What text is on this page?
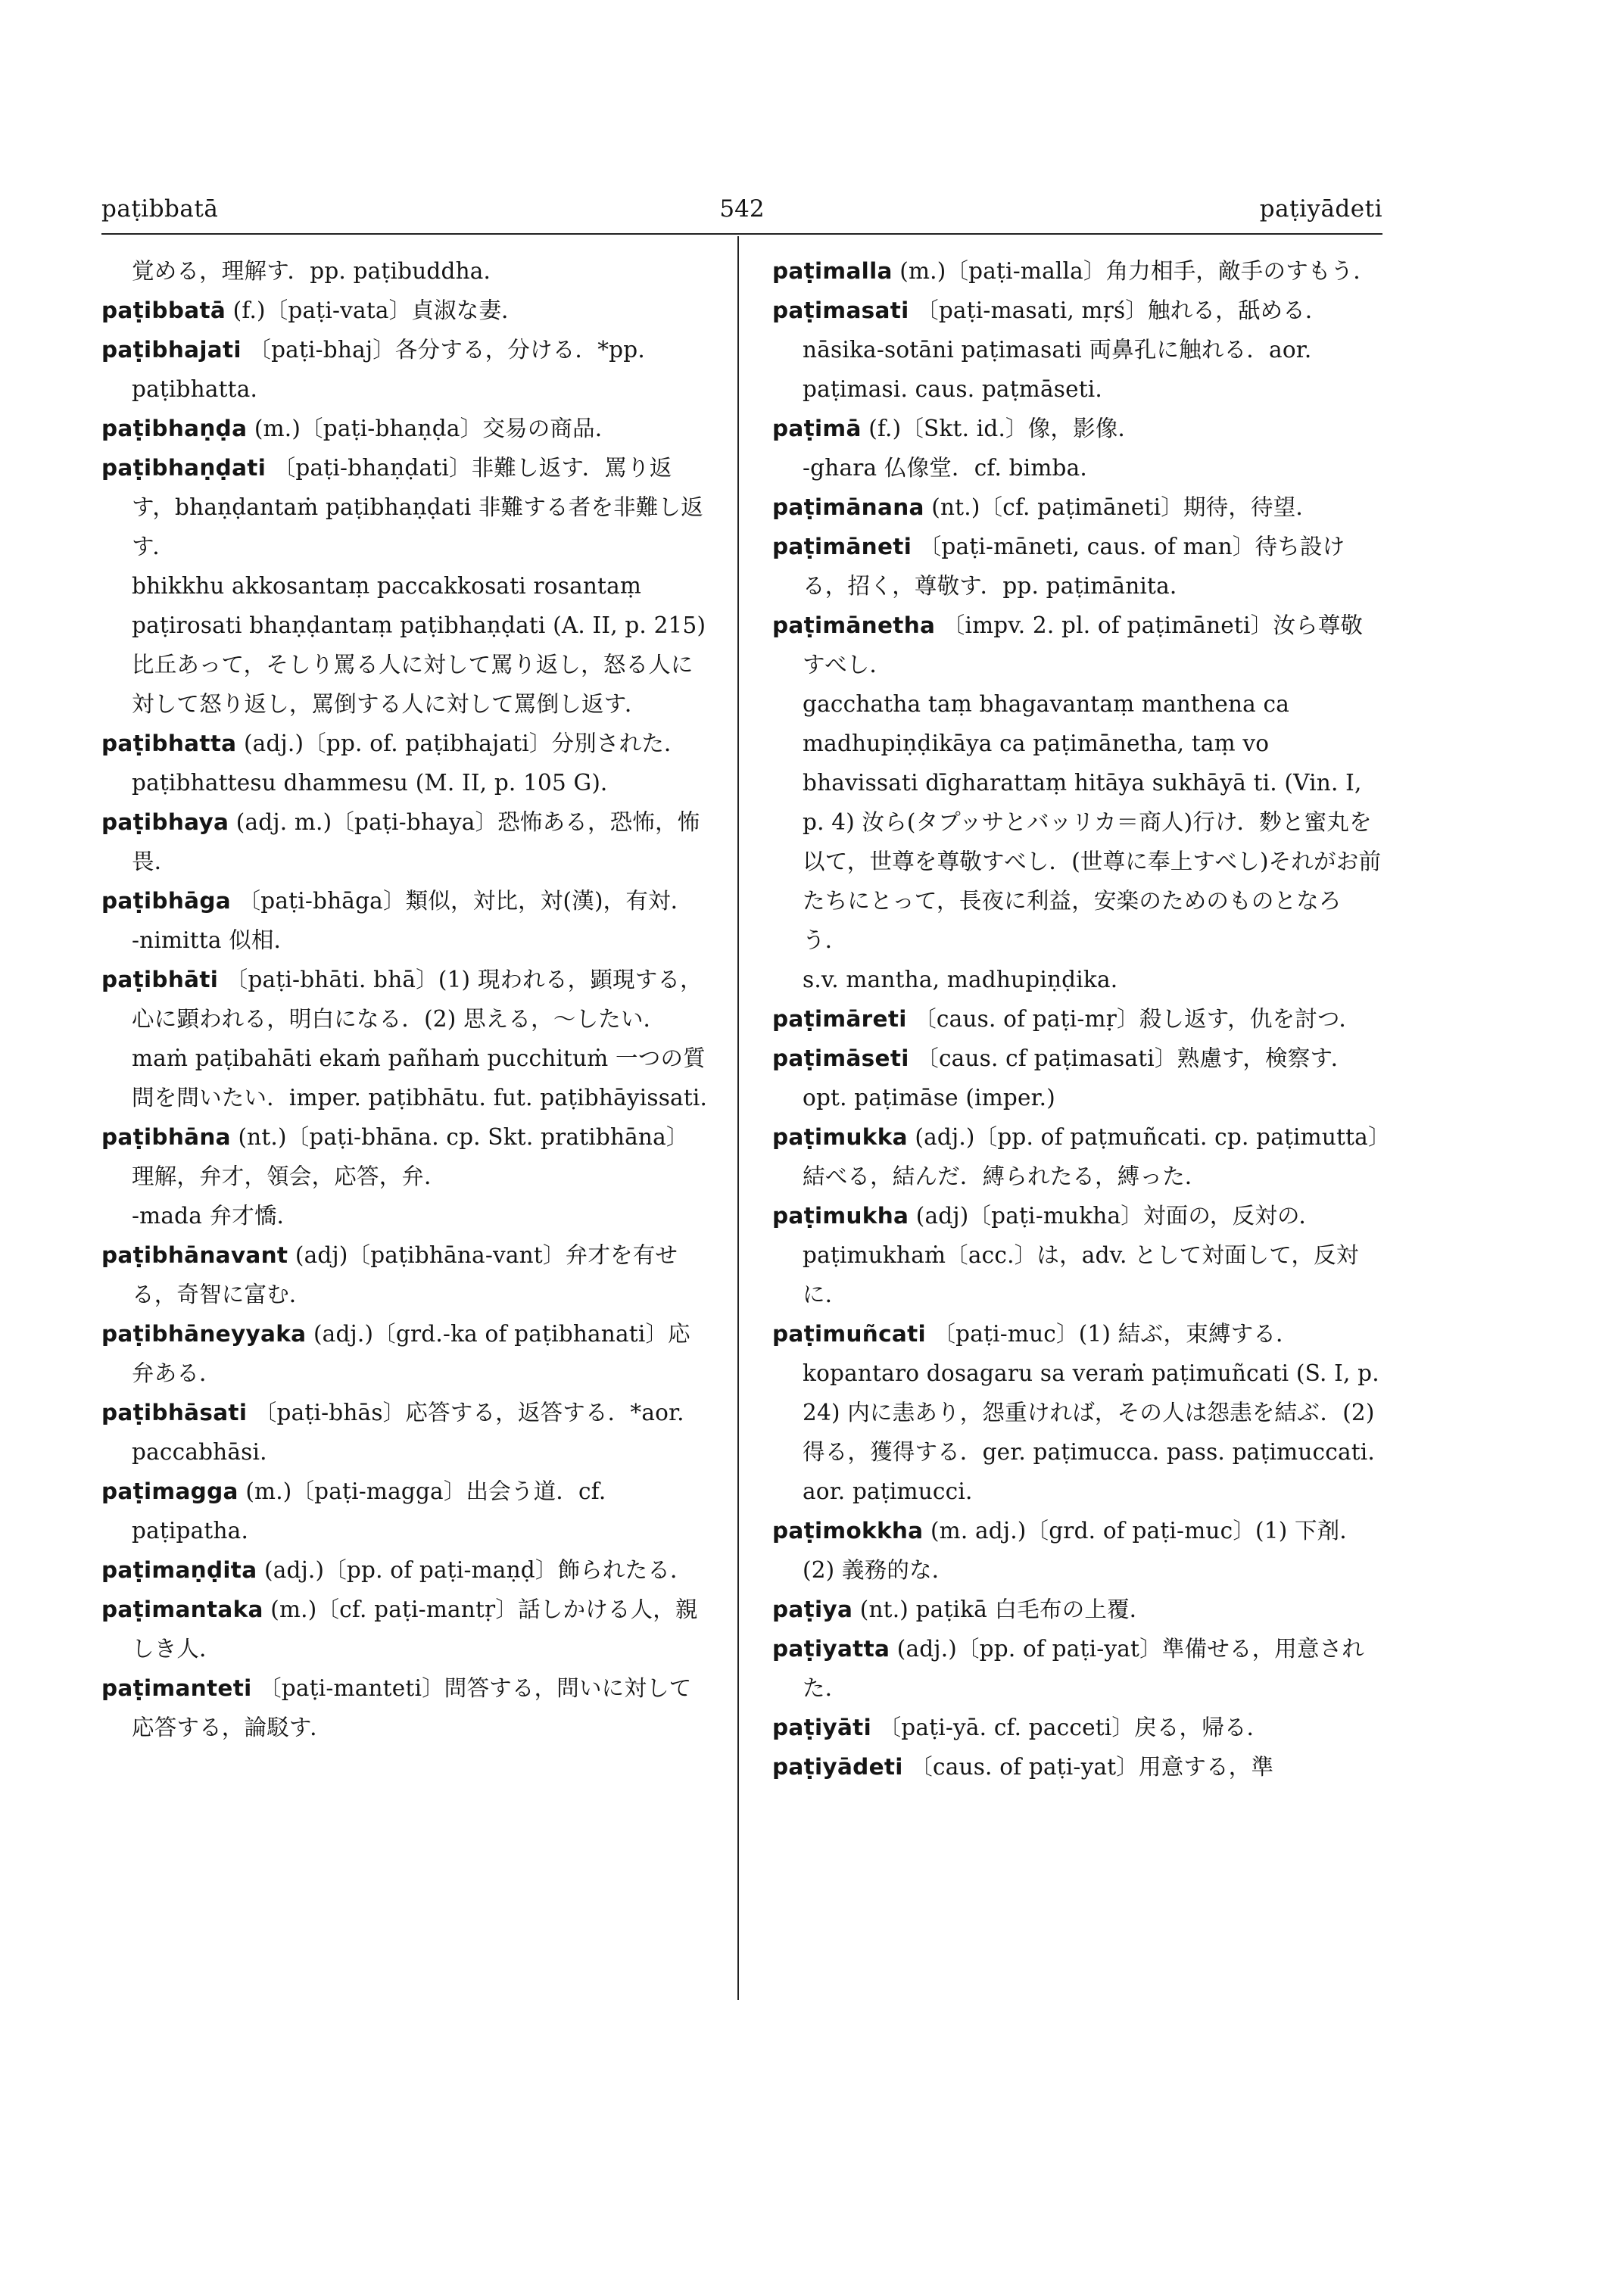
paṭibbatā	542	paṭiyādeti
覚める，理解す．pp. paṭibuddha.
paṭibbatā (f.)〔paṭi-vata〕貞淑な妻．
paṭibhajati 〔paṭi-bhaj〕各分する，分ける．*pp. paṭibhatta.
paṭibhaṇḍa (m.)〔paṭi-bhaṇḍa〕交易の商品．
paṭibhaṇḍati 〔paṭi-bhaṇḍati〕非難し返す．罵り返す，bhaṇḍantaṁ paṭibhaṇḍati 非難する者を非難し返す．
bhikkhu akkosantaṃ paccakkosati rosantaṃ paṭirosati bhaṇḍantaṃ paṭibhaṇḍati (A. II, p. 215) 比丘あって，そしり罵る人に対して罵り返し，怒る人に対して怒り返し，罵倒する人に対して罵倒し返す．
paṭibhatta (adj.)〔pp. of. paṭibhajati〕分別された．paṭibhattesu dhammesu (M. II, p. 105 G)．
paṭibhaya (adj. m.)〔paṭi-bhaya〕恐怖ある，恐怖，怖畏．
paṭibhāga 〔paṭi-bhāga〕類似，対比，対(漢)，有対．
-nimitta 似相．
paṭibhāti 〔paṭi-bhāti. bhā〕(1) 現われる，顕現する，心に顕われる，明白になる．(2) 思える，～したい．maṁ paṭibahāti ekaṁ pañhaṁ pucchituṁ 一つの質問を問いたい．imper. paṭibhātu. fut. paṭibhāyissati.
paṭibhāna (nt.)〔paṭi-bhāna. cp. Skt. pratibhāna〕理解，弁才，領会，応答，弁．
-mada 弁才憍．
paṭibhānavant (adj)〔paṭibhāna-vant〕弁才を有せる，奇智に富む．
paṭibhāneyyaka (adj.)〔grd.-ka of paṭibhanati〕応弁ある．
paṭibhāsati 〔paṭi-bhās〕応答する，返答する．*aor. paccabhāsi.
paṭimagga (m.)〔paṭi-magga〕出会う道．cf. paṭipatha.
paṭimaṇḍita (adj.)〔pp. of paṭi-maṇḍ〕飾られたる．
paṭimantaka (m.)〔cf. paṭi-mantṛ〕話しかける人，親しき人．
paṭimanteti 〔paṭi-manteti〕問答する，問いに対して応答する，論駁す．
paṭimalla (m.)〔paṭi-malla〕角力相手，敵手のすもう．
paṭimasati 〔paṭi-masati, mṛś〕触れる，舐める．nāsika-sotāni paṭimasati 両鼻孔に触れる．aor. paṭimasi. caus. paṭmāseti.
paṭimā (f.)〔Skt. id.〕像，影像．
-ghara 仏像堂．cf. bimba.
paṭimānana (nt.)〔cf. paṭimāneti〕期待，待望．
paṭimāneti 〔paṭi-māneti, caus. of man〕待ち設ける，招く，尊敬す．pp. paṭimānita.
paṭimānetha 〔impv. 2. pl. of paṭimāneti〕汝ら尊敬すべし．
gacchatha taṃ bhagavantaṃ manthena ca madhupiṇḍikāya ca paṭimānetha, taṃ vo bhavissati dīgharattaṃ hitāya sukhāyā ti. (Vin. I, p. 4) 汝ら(タプッサとバッリカ＝商人)行け．麨と蜜丸を以て，世尊を尊敬すべし．(世尊に奉上すべし)それがお前たちにとって，長夜に利益，安楽のためのものとなろう．
s.v. mantha, madhupiṇḍika.
paṭimāreti 〔caus. of paṭi-mṛ〕殺し返す，仇を討つ．
paṭimāseti 〔caus. cf paṭimasati〕熟慮す，検察す．opt. paṭimāse (imper.)
paṭimukka (adj.)〔pp. of paṭmuñcati. cp. paṭimutta〕結べる，結んだ．縛られたる，縛った．
paṭimukha (adj)〔paṭi-mukha〕対面の，反対の．paṭimukhaṁ〔acc.〕は，adv. として対面して，反対に．
paṭimuñcati 〔paṭi-muc〕(1) 結ぶ，束縛する．kopantaro dosagaru sa veraṁ paṭimuñcati (S. I, p. 24) 内に恚あり，怨重ければ，その人は怨恚を結ぶ．(2) 得る，獲得する．ger. paṭimucca. pass. paṭimuccati. aor. paṭimucci.
paṭimokkha (m. adj.)〔grd. of paṭi-muc〕(1) 下剤．(2) 義務的な．
paṭiya (nt.) paṭikā 白毛布の上覆．
paṭiyatta (adj.)〔pp. of paṭi-yat〕準備せる，用意された．
paṭiyāti 〔paṭi-yā. cf. pacceti〕戻る，帰る．
paṭiyādeti 〔caus. of paṭi-yat〕用意する，準
